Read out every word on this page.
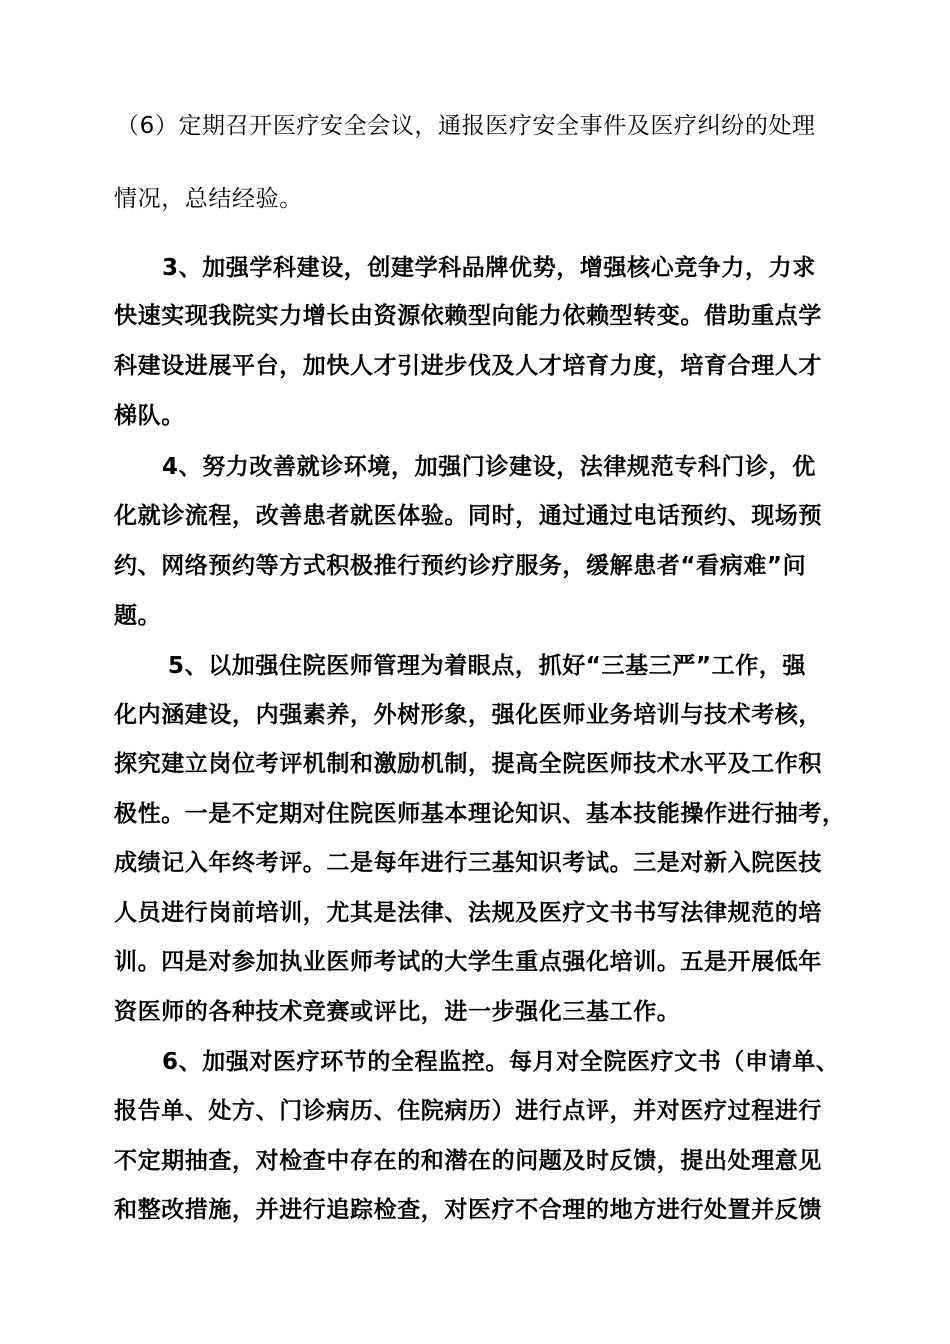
（6）定期召开医疗安全会议，通报医疗安全事件及医疗纠纷的处理
情况，总结经验。
3、加强学科建设，创建学科品牌优势，增强核心竞争力，力求
快速实现我院实力增长由资源依赖型向能力依赖型转变。借助重点学
科建设进展平台，加快人才引进步伐及人才培育力度，培育合理人才
梯队。
4、努力改善就诊环境，加强门诊建设，法律规范专科门诊，优
化就诊流程，改善患者就医体验。同时，通过通过电话预约、现场预
约、网络预约等方式积极推行预约诊疗服务，缓解患者“看病难”问
题。
5、以加强住院医师管理为着眼点，抓好“三基三严”工作，强
化内涵建设，内强素养，外树形象，强化医师业务培训与技术考核，
探究建立岗位考评机制和激励机制，提高全院医师技术水平及工作积
极性。一是不定期对住院医师基本理论知识、基本技能操作进行抽考，
成绩记入年终考评。二是每年进行三基知识考试。三是对新入院医技
人员进行岗前培训，尤其是法律、法规及医疗文书书写法律规范的培
训。四是对参加执业医师考试的大学生重点强化培训。五是开展低年
资医师的各种技术竞赛或评比，进一步强化三基工作。
6、加强对医疗环节的全程监控。每月对全院医疗文书（申请单、
报告单、处方、门诊病历、住院病历）进行点评，并对医疗过程进行
不定期抽查，对检查中存在的和潜在的问题及时反馈，提出处理意见
和整改措施，并进行追踪检查，对医疗不合理的地方进行处置并反馈
